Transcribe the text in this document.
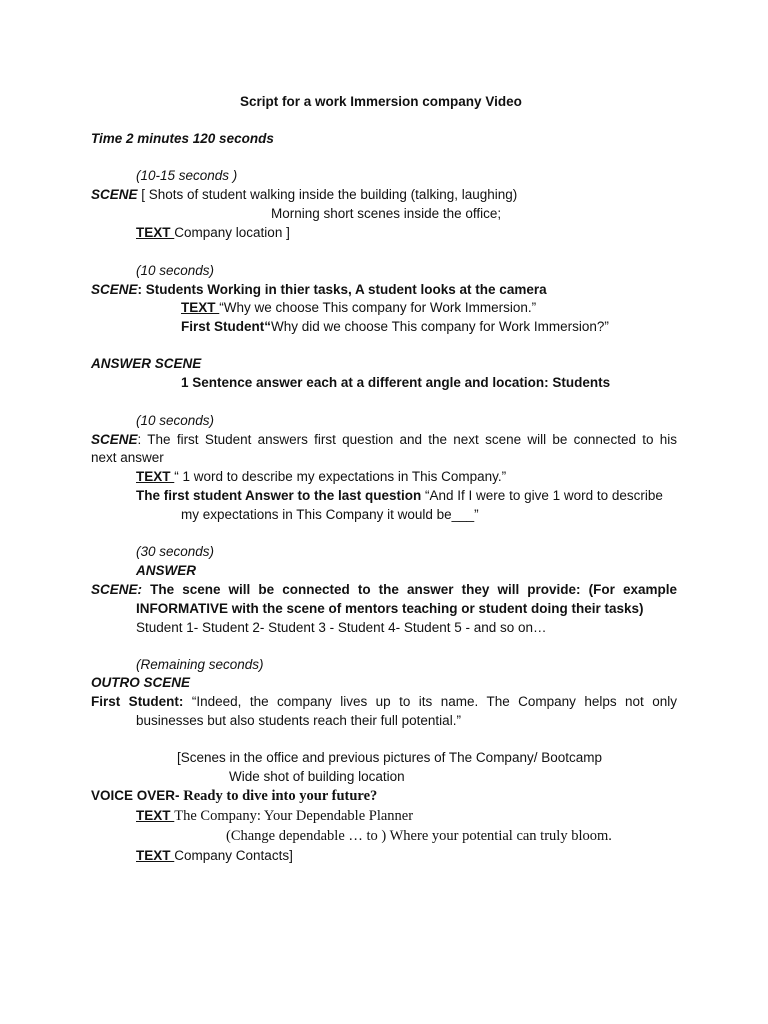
Script for a work Immersion company Video
Time 2 minutes 120 seconds
(10-15 seconds )
SCENE [ Shots of student walking inside the building (talking, laughing)
Morning short scenes inside the office;
TEXT Company location ]
(10 seconds)
SCENE: Students Working in thier tasks, A student looks at the camera
TEXT “Why we choose This company for Work Immersion.”
First Student“Why did we choose This company for Work Immersion?”
ANSWER SCENE
1 Sentence answer each at a different angle and location: Students
(10 seconds)
SCENE: The first Student answers first question and the next scene will be connected to his
next answer
TEXT “ 1 word to describe my expectations in This Company.”
The first student Answer to the last question “And If I were to give 1 word to describe
my expectations in This Company it would be___”
(30 seconds)
ANSWER
SCENE: The scene will be connected to the answer they will provide: (For example
INFORMATIVE with the scene of mentors teaching or student doing their tasks)
Student 1- Student 2- Student 3 - Student 4- Student 5 - and so on…
(Remaining seconds)
OUTRO SCENE
First Student: “Indeed, the company lives up to its name. The Company helps not only
businesses but also students reach their full potential.”
[Scenes in the office and previous pictures of The Company/ Bootcamp
Wide shot of building location
VOICE OVER- Ready to dive into your future?
TEXT The Company: Your Dependable Planner
(Change dependable … to ) Where your potential can truly bloom.
TEXT Company Contacts]
